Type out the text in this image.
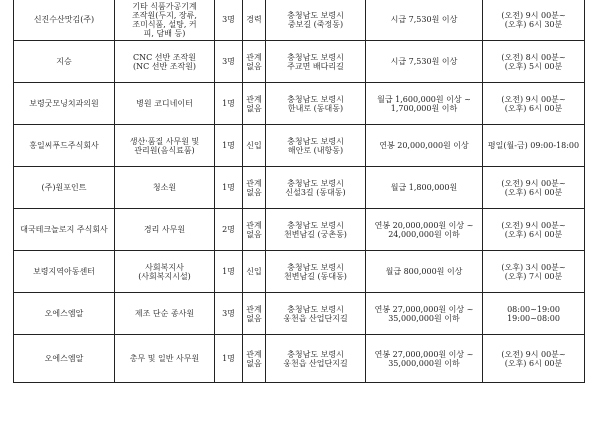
신진수산맛김(주)	기타 식품가공기계
조작원(두지, 장류,
조미식품, 설탕, 커
피, 담배 등)	3명	경력	충청남도 보령시
중보길 (죽정동)	시급 7,530원 이상	(오전) 9시 00분~
(오후) 6시 30분

지승	CNC 선반 조작원
(NC 선반 조작원)	3명	관계
없음	충청남도 보령시
주교면 배다리길	시급 7,530원 이상	(오전) 8시 00분~
(오후) 5시 00분

보령굿모닝치과의원	병원 코디네이터	1명	관계
없음	충청남도 보령시
한내로 (동대동)	월급 1,600,000원 이상 ~
1,700,000원 이하	(오전) 9시 00분~
(오후) 6시 00분

홍일씨푸드주식회사	생산·품질 사무원 및
관리원(음식료품)	1명	신입	충청남도 보령시
해안로 (내항동)	연봉 20,000,000원 이상	평일(월-금) 09:00-18:00

(주)원포인트	청소원	1명	관계
없음	충청남도 보령시
신설3길 (동대동)	월급 1,800,000원	(오전) 9시 00분~
(오후) 6시 00분

대국테크놀로지 주식회사	경리 사무원	2명	관계
없음	충청남도 보령시
천변남길 (궁촌동)	연봉 20,000,000원 이상 ~
24,000,000원 이하	(오전) 9시 00분~
(오후) 6시 00분

보령지역아동센터	사회복지사
(사회복지시설)	1명	신입	충청남도 보령시
천변남길 (동대동)	월급 800,000원 이상	(오후) 3시 00분~
(오후) 7시 00분

오에스엠알	제조 단순 종사원	3명	관계
없음	충청남도 보령시
웅천읍 산업단지길	연봉 27,000,000원 이상 ~
35,000,000원 이하	08:00~19:00
19:00~08:00

오에스엠알	총무 및 일반 사무원	1명	관계
없음	충청남도 보령시
웅천읍 산업단지길	연봉 27,000,000원 이상 ~
35,000,000원 이하	(오전) 9시 00분~
(오후) 6시 00분
